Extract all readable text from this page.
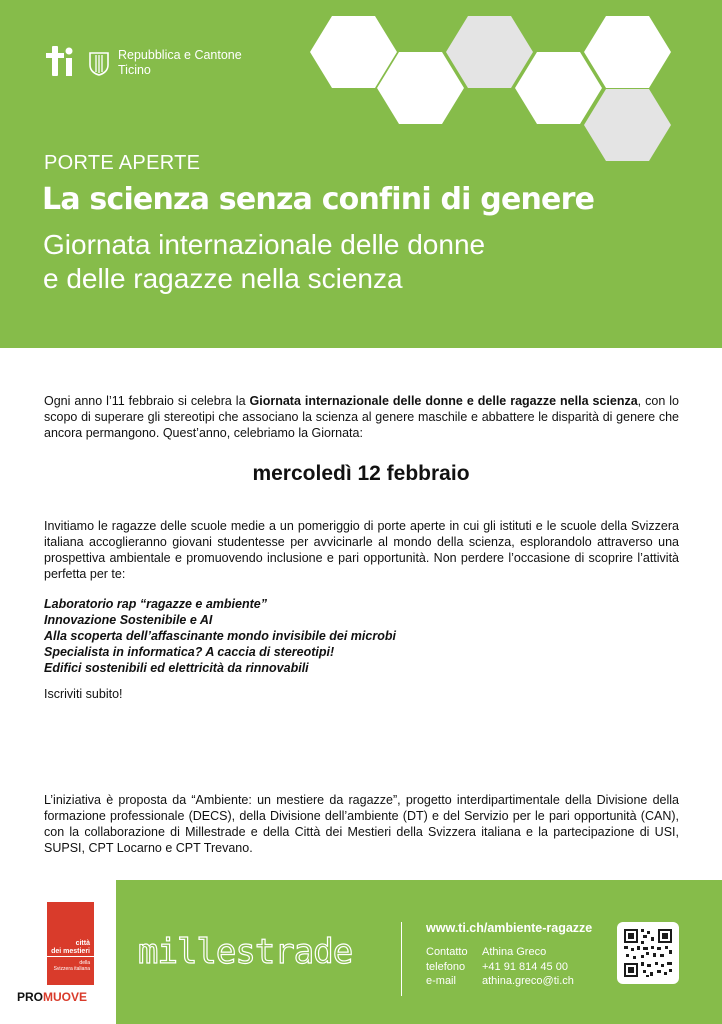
Repubblica e Cantone
Ticino
PORTE APERTE
La scienza senza confini di genere
Giornata internazionale delle donne
e delle ragazze nella scienza

Ogni anno l’11 febbraio si celebra la Giornata internazionale delle donne e delle ragazze nella scienza, con lo scopo di superare gli stereotipi che associano la scienza al genere maschile e abbattere le disparità di genere che ancora permangono. Quest’anno, celebriamo la Giornata:

mercoledì 12 febbraio

Invitiamo le ragazze delle scuole medie a un pomeriggio di porte aperte in cui gli istituti e le scuole della Svizzera italiana accoglieranno giovani studentesse per avvicinarle al mondo della scienza, esplorandolo attraverso una prospettiva ambientale e promuovendo inclusione e pari opportunità. Non perdere l’occasione di scoprire l’attività perfetta per te:

Laboratorio rap “ragazze e ambiente”
Innovazione Sostenibile e AI
Alla scoperta dell’affascinante mondo invisibile dei microbi
Specialista in informatica? A caccia di stereotipi!
Edifici sostenibili ed elettricità da rinnovabili
Iscriviti subito!

L’iniziativa è proposta da “Ambiente: un mestiere da ragazze”, progetto interdipartimentale della Divisione della formazione professionale (DECS), della Divisione dell’ambiente (DT) e del Servizio per le pari opportunità (CAN), con la collaborazione di Millestrade e della Città dei Mestieri della Svizzera italiana e la partecipazione di USI, SUPSI, CPT Locarno e CPT Trevano.

città
dei mestieri
della
Svizzera italiana
PROMUOVE
millestrade
www.ti.ch/ambiente-ragazze
Contatto Athina Greco
telefono +41 91 814 45 00
e-mail athina.greco@ti.ch
